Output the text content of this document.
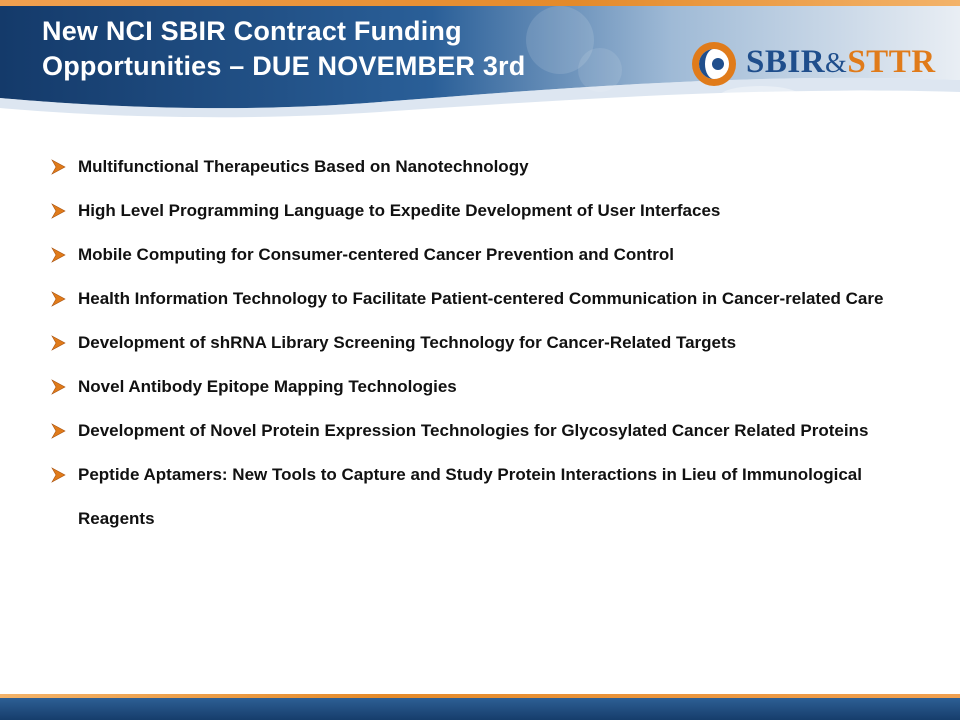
New NCI SBIR Contract Funding
Opportunities – DUE NOVEMBER 3rd	SBIR&STTR
Multifunctional Therapeutics Based on Nanotechnology
High Level Programming Language to Expedite Development of User Interfaces
Mobile Computing for Consumer-centered Cancer Prevention and Control
Health Information Technology to Facilitate Patient-centered Communication in Cancer-related Care
Development of shRNA Library Screening Technology for Cancer-Related Targets
Novel Antibody Epitope Mapping Technologies
Development of Novel Protein Expression Technologies for Glycosylated Cancer Related Proteins
Peptide Aptamers: New Tools to Capture and Study Protein Interactions in Lieu of Immunological Reagents
